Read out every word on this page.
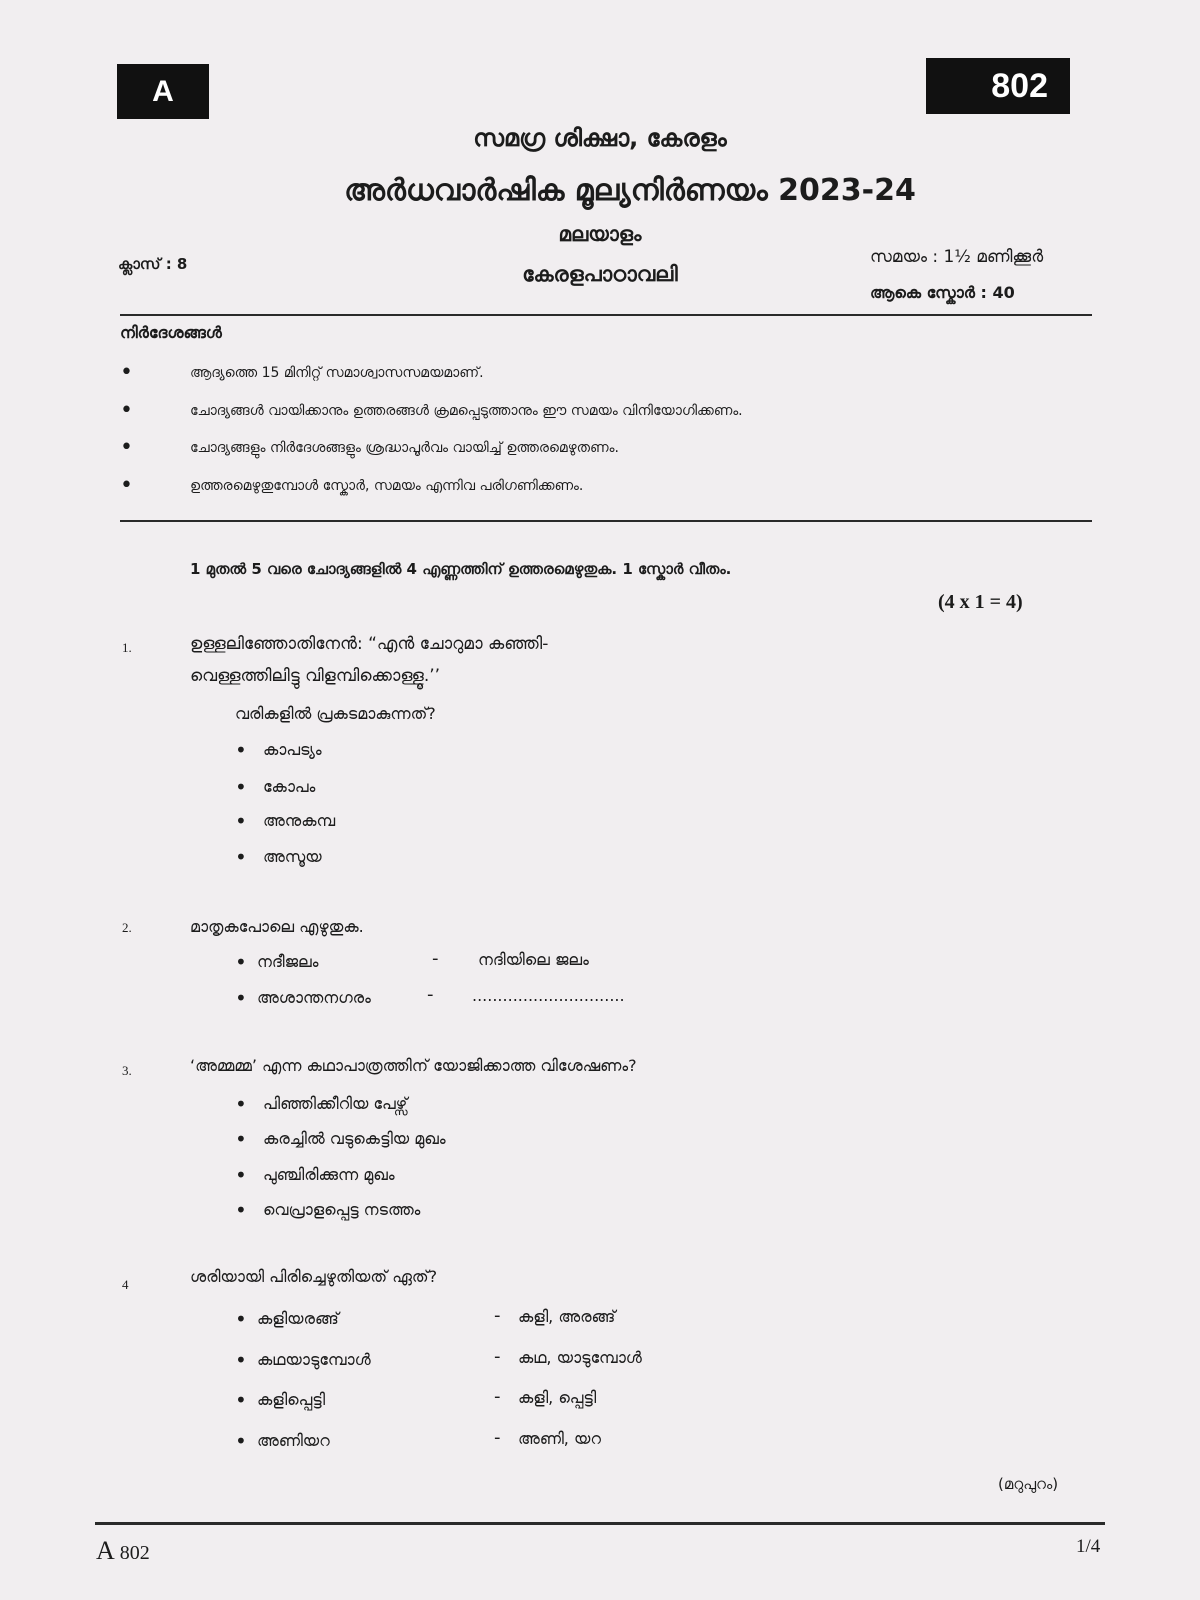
A	802
സമഗ്ര ശിക്ഷാ, കേരളം
അർധവാർഷിക മൂല്യനിർണയം 2023-24
മലയാളം
കേരളപാഠാവലി
ക്ലാസ് : 8	സമയം : 1½ മണിക്കൂർ
ആകെ സ്കോർ : 40
നിർദേശങ്ങൾ
•	ആദ്യത്തെ 15 മിനിറ്റ് സമാശ്വാസസമയമാണ്.
•	ചോദ്യങ്ങൾ വായിക്കാനും ഉത്തരങ്ങൾ ക്രമപ്പെടുത്താനും ഈ സമയം വിനിയോഗിക്കണം.
•	ചോദ്യങ്ങളും നിർദേശങ്ങളും ശ്രദ്ധാപൂർവം വായിച്ച് ഉത്തരമെഴുതണം.
•	ഉത്തരമെഴുതുമ്പോൾ സ്കോർ, സമയം എന്നിവ പരിഗണിക്കണം.
1 മുതൽ 5 വരെ ചോദ്യങ്ങളിൽ 4 എണ്ണത്തിന് ഉത്തരമെഴുതുക. 1 സ്കോർ വീതം.
(4 x 1 = 4)
1.	ഉള്ളലിഞ്ഞോതിനേൻ: “എൻ ചോറുമാ കഞ്ഞി-
വെള്ളത്തിലിട്ടു വിളമ്പിക്കൊള്ളൂ.’’
വരികളിൽ പ്രകടമാകുന്നത്?
•	കാപട്യം
•	കോപം
•	അനുകമ്പ
•	അസൂയ
2.	മാതൃകപോലെ എഴുതുക.
• നദീജലം	- നദിയിലെ ജലം
• അശാന്തനഗരം	- ..............................
3.	‘അമ്മമ്മ’ എന്ന കഥാപാത്രത്തിന് യോജിക്കാത്ത വിശേഷണം?
•	പിഞ്ഞിക്കീറിയ പേഴ്സ്
•	കരച്ചിൽ വടുകെട്ടിയ മുഖം
•	പുഞ്ചിരിക്കുന്ന മുഖം
•	വെപ്രാളപ്പെട്ട നടത്തം
4	ശരിയായി പിരിച്ചെഴുതിയത് ഏത്?
• കളിയരങ്ങ്	- കളി, അരങ്ങ്
• കഥയാടുമ്പോൾ	- കഥ, യാടുമ്പോൾ
• കളിപ്പെട്ടി	- കളി, പ്പെട്ടി
• അണിയറ	- അണി, യറ
(മറുപുറം)
A 802	1/4
